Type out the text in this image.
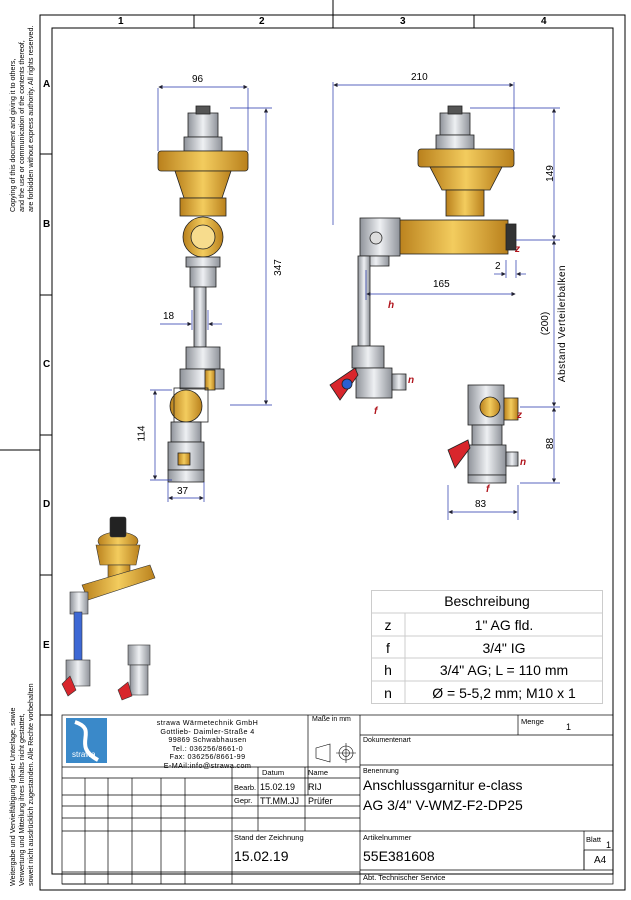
1	2	3	4
A
B
C
D
E
Copying of this document and giving it to others, and the use or communication of the contents thereof, are forbidden without express authority. All rights reserved.
Weitergabe und Vervielfältigung dieser Unterlage, sowie Verwertung und Mitteilung ihres Inhalts nicht gestattet, soweit nicht ausdrücklich zugestanden. Alle Rechte vorbehalten
96
347
18
114
37
210
149
2
165
(200) Abstand Verteilerbalken
88
83
z
h
n
f	z
n
f
Beschreibung
z	1" AG fld.
f	3/4" IG
h	3/4" AG; L = 110 mm
n	Ø = 5-5,2 mm; M10 x 1
strawa
strawa Wärmetechnik GmbH
Gottlieb- Daimler-Straße 4
99869 Schwabhausen
Tel.: 036256/8661-0
Fax: 036256/8661-99
E-MAil:info@strawa.com
Maße in mm	Menge
1
Dokumentenart
Datum	Name
Bearb. 15.02.19 RIJ
Gepr. TT.MM.JJ Prüfer
Benennung
Anschlussgarnitur e-class
AG 3/4" V-WMZ-F2-DP25
Stand der Zeichnung
15.02.19
Artikelnummer
55E381608
Blatt
1
A4
Abt. Technischer Service
